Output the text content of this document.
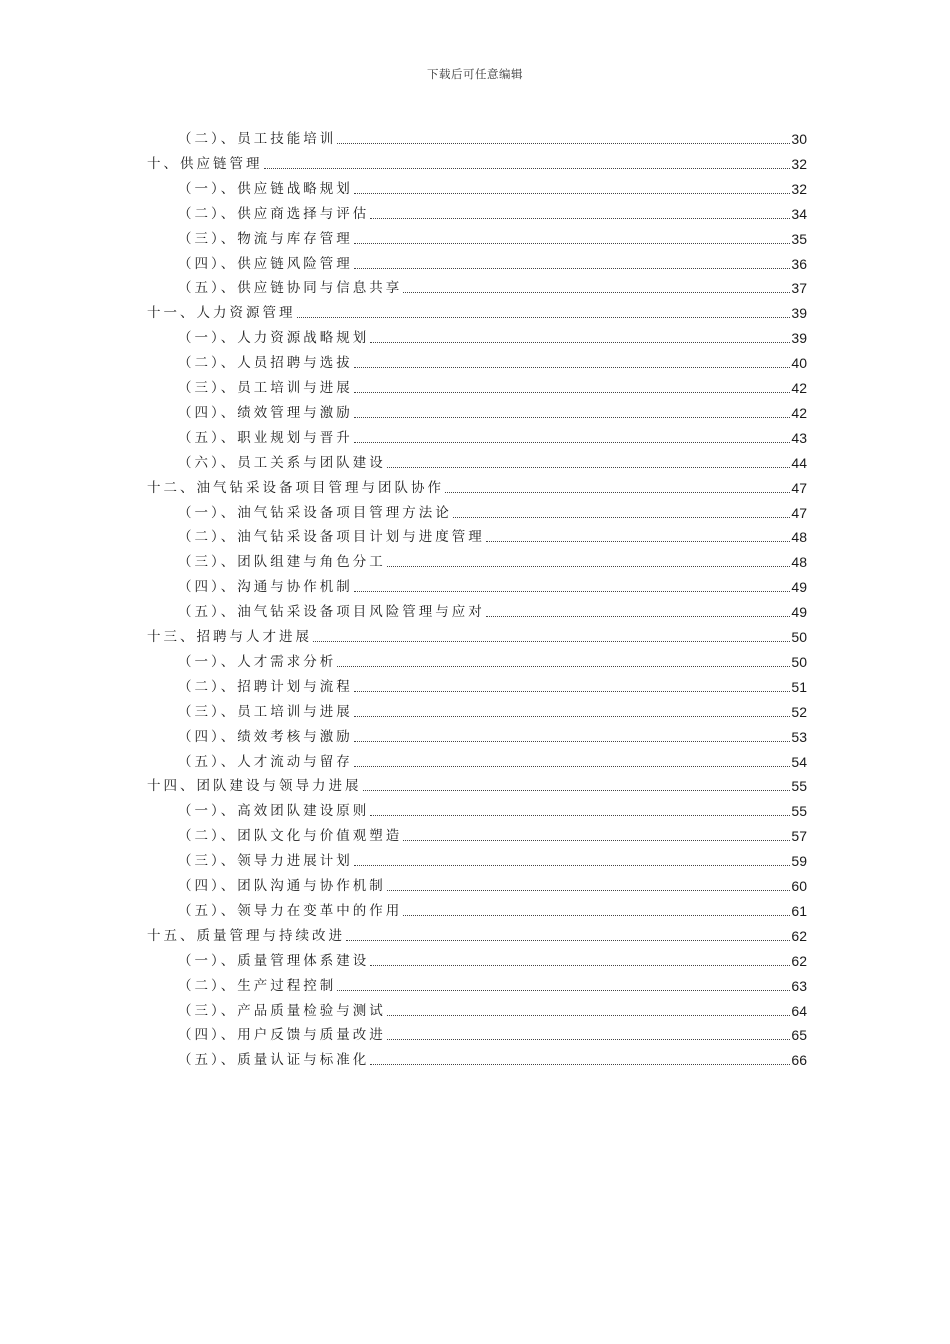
下载后可任意编辑
（二）、员工技能培训	30
十、供应链管理	32
（一）、供应链战略规划	32
（二）、供应商选择与评估	34
（三）、物流与库存管理	35
（四）、供应链风险管理	36
（五）、供应链协同与信息共享	37
十一、人力资源管理	39
（一）、人力资源战略规划	39
（二）、人员招聘与选拔	40
（三）、员工培训与进展	42
（四）、绩效管理与激励	42
（五）、职业规划与晋升	43
（六）、员工关系与团队建设	44
十二、油气钻采设备项目管理与团队协作	47
（一）、油气钻采设备项目管理方法论	47
（二）、油气钻采设备项目计划与进度管理	48
（三）、团队组建与角色分工	48
（四）、沟通与协作机制	49
（五）、油气钻采设备项目风险管理与应对	49
十三、招聘与人才进展	50
（一）、人才需求分析	50
（二）、招聘计划与流程	51
（三）、员工培训与进展	52
（四）、绩效考核与激励	53
（五）、人才流动与留存	54
十四、团队建设与领导力进展	55
（一）、高效团队建设原则	55
（二）、团队文化与价值观塑造	57
（三）、领导力进展计划	59
（四）、团队沟通与协作机制	60
（五）、领导力在变革中的作用	61
十五、质量管理与持续改进	62
（一）、质量管理体系建设	62
（二）、生产过程控制	63
（三）、产品质量检验与测试	64
（四）、用户反馈与质量改进	65
（五）、质量认证与标准化	66
